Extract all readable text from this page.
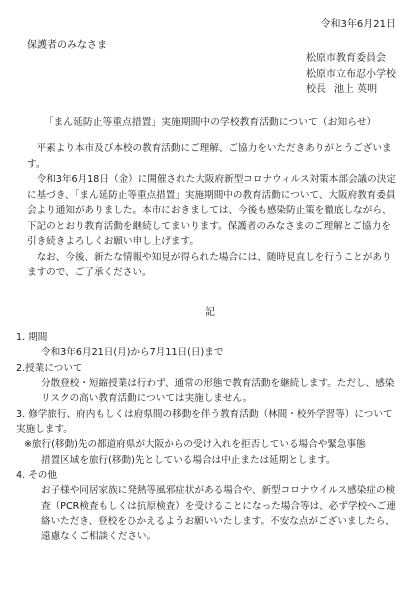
令和3年6月21日
保護者のみなさま
松原市教育委員会
松原市立布忍小学校
校長 池上 英明
「まん延防止等重点措置」実施期間中の学校教育活動について（お知らせ）

平素より本市及び本校の教育活動にご理解、ご協力をいただきありがとうございます。

令和3年6月18日（金）に開催された大阪府新型コロナウィルス対策本部会議の決定に基づき、「まん延防止等重点措置」実施期間中の教育活動について、大阪府教育委員会より通知がありました。本市におきましては、今後も感染防止策を徹底しながら、下記のとおり教育活動を継続してまいります。保護者のみなさまのご理解とご協力を引き続きよろしくお願い申し上げます。

なお、今後、新たな情報や知見が得られた場合には、随時見直しを行うことがありますので、ご了承ください。

記
1. 期間
令和3年6月21日(月)から7月11日(日)まで
2.授業について
分散登校・短縮授業は行わず、通常の形態で教育活動を継続します。ただし、感染リスクの高い教育活動については実施しません。
3. 修学旅行、府内もしくは府県間の移動を伴う教育活動（林間・校外学習等）について実施します。
※旅行(移動)先の都道府県が大阪からの受け入れを拒否している場合や緊急事態
措置区域を旅行(移動)先としている場合は中止または延期とします。
4. その他
お子様や同居家族に発熱等風邪症状がある場合や、新型コロナウイルス感染症の検査（PCR検査もしくは抗原検査）を受けることになった場合等は、必ず学校へご連絡いただき、登校をひかえるようお願いいたします。不安な点がございましたら、遠慮なくご相談ください。
